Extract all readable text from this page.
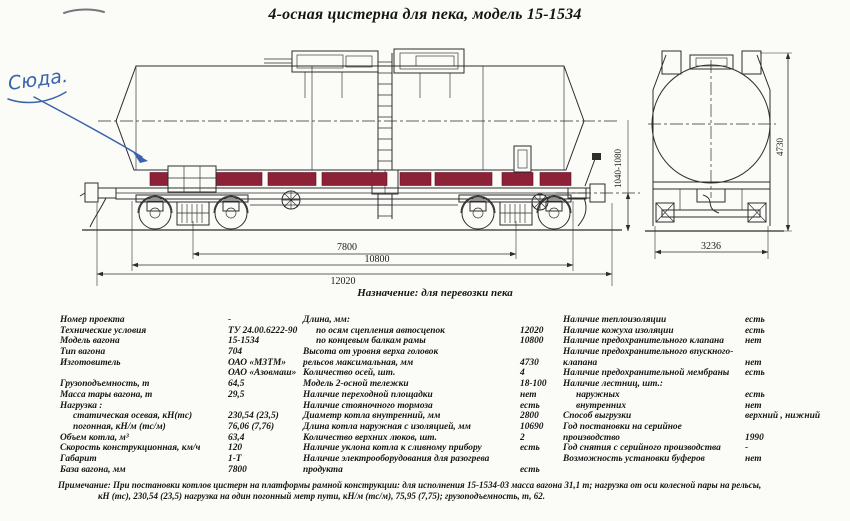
4-осная цистерна для пека, модель 15-1534
7800
10800
12020
1040-1080
3236
4730
Сюда.
Назначение: для перевозки пека
Номер проекта	-
Технические условия	ТУ 24.00.6222-90
Модель вагона	15-1534
Тип вагона	704
Изготовитель	ОАО «МЗТМ»
ОАО «Азовмаш»
Грузоподъемность, т	64,5
Масса тары вагона, т	29,5
Нагрузка :
статическая осевая, кН(тс)	230,54 (23,5)
погонная, кН/м (тс/м)	76,06 (7,76)
Объем котла, м³	63,4
Скорость конструкционная, км/ч	120
Габарит	1-Т
База вагона, мм	7800
Длина, мм:
по осям сцепления автосцепок	12020
по концевым балкам рамы	10800
Высота от уровня верха головок
рельсов максимальная, мм	4730
Количество осей, шт.	4
Модель 2-осной тележки	18-100
Наличие переходной площадки	нет
Наличие стояночного тормоза	есть
Диаметр котла внутренний, мм	2800
Длина котла наружная с изоляцией, мм	10690
Количество верхних люков, шт.	2
Наличие уклона котла к сливному прибору	есть
Наличие электрооборудования для разогрева
продукта	есть
Наличие теплоизоляции	есть
Наличие кожуха изоляции	есть
Наличие предохранительного клапана	нет
Наличие предохранительного впускного-
клапана	нет
Наличие предохранительной мембраны	есть
Наличие лестниц, шт.:
наружных	есть
внутренних	нет
Способ выгрузки	верхний , нижний
Год постановки на серийное
производство	1990
Год снятия с серийного производства	-
Возможность установки буферов	нет
Примечание: При постановки котлов цистерн на платформы рамной конструкции: для исполнения 15-1534-03 масса вагона 31,1 т; нагрузка от оси колесной пары на рельсы,
кН (тс), 230,54 (23,5) нагрузка на один погонный метр пути, кН/м (тс/м), 75,95 (7,75); грузоподъемность, т, 62.
